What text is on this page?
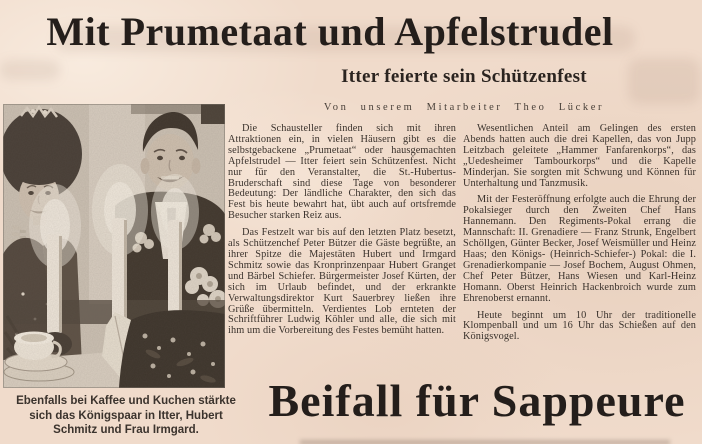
Mit Prumetaat und Apfelstrudel
Itter feierte sein Schützenfest
Von unserem Mitarbeiter Theo Lücker
Ebenfalls bei Kaffee und Kuchen stärkte
sich das Königspaar in Itter, Hubert
Schmitz und Frau Irmgard.

Die Schausteller finden sich mit ihren Attraktionen ein, in vielen Häusern gibt es die selbstgebackene „Prumetaat“ oder hausgemachten Apfelstrudel — Itter feiert sein Schützenfest. Nicht nur für den Veranstalter, die St.-Hubertus-Bruderschaft sind diese Tage von besonderer Bedeutung: Der ländliche Charakter, den sich das Fest bis heute bewahrt hat, übt auch auf ortsfremde Besucher starken Reiz aus.

Das Festzelt war bis auf den letzten Platz besetzt, als Schützenchef Peter Bützer die Gäste begrüßte, an ihrer Spitze die Majestäten Hubert und Irmgard Schmitz sowie das Kronprinzenpaar Hubert Granget und Bärbel Schiefer. Bürgermeister Josef Kürten, der sich im Urlaub befindet, und der erkrankte Verwaltungsdirektor Kurt Sauerbrey ließen ihre Grüße übermitteln. Verdientes Lob ernteten der Schriftführer Ludwig Köhler und alle, die sich mit ihm um die Vorbereitung des Festes bemüht hatten.

Wesentlichen Anteil am Gelingen des ersten Abends hatten auch die drei Kapellen, das von Jupp Leitzbach geleitete „Hammer Fanfarenkorps“, das „Uedesheimer Tambourkorps“ und die Kapelle Minderjan. Sie sorgten mit Schwung und Können für Unterhaltung und Tanzmusik.

Mit der Festeröffnung erfolgte auch die Ehrung der Pokalsieger durch den Zweiten Chef Hans Hannemann. Den Regiments-Pokal errang die Mannschaft: II. Grenadiere — Franz Strunk, Engelbert Schöllgen, Günter Becker, Josef Weismüller und Heinz Haas; den Königs- (Heinrich-Schiefer-) Pokal: die I. Grenadierkompanie — Josef Bochem, August Ohmen, Chef Peter Bützer, Hans Wiesen und Karl-Heinz Homann. Oberst Heinrich Hackenbroich wurde zum Ehrenoberst ernannt.

Heute beginnt um 10 Uhr der traditionelle Klompenball und um 16 Uhr das Schießen auf den Königsvogel.

Beifall für Sappeure
